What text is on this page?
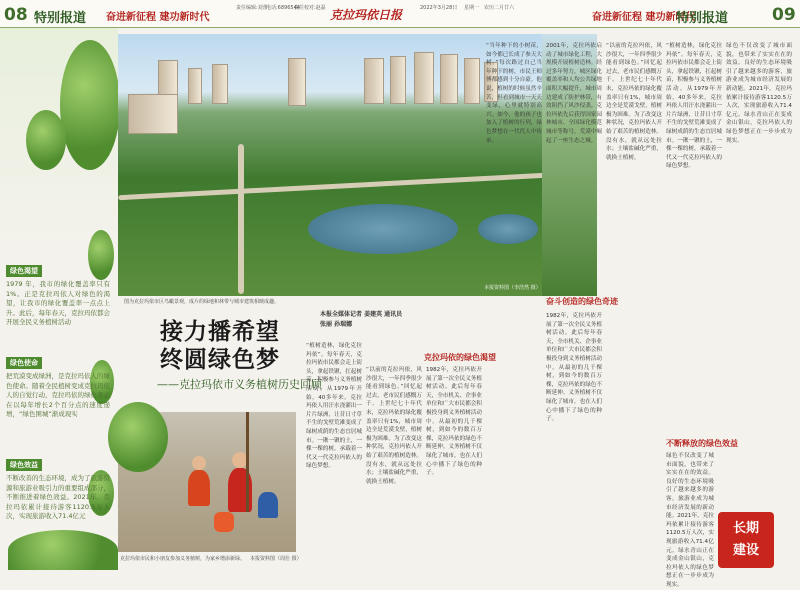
08 特别报道 奋进新征程 建功新时代
责任编辑:刘蕾
电话:6896544
责任校对:赵磊 克拉玛依日报	2022年3月28日 星期一 农历二月廿六
奋进新征程 建功新时代
特别报道	09
绿色渴望
1979 年，我市的绿化覆盖率只有1%。正是克拉玛依人对绿色的渴望，让我市的绿化覆盖率一点点上升。此后，每年春天，克拉玛依都会开展全民义务植树活动
绿色使命
把荒漠变成绿洲，是克拉玛依人的绿色使命。随着全民植树变成克拉玛依人的自觉行动，克拉玛依的绿化率正在以每年增长2个百分点的速度递增，“绿色围城”渐成现实
绿色效益
不断改善的生态环境，成为了旅游资源和旅游业吸引力的重要组成部分，不断推进着绿色效益。2021年，克拉玛依累计接待游客1120.5万人次，实现旅游收入71.4亿元
图为克拉玛依市区鸟瞰景观，成片的绿地和林带与城市建筑相映成趣。
本报资料图（李浩然 摄）
本报全媒体记者 姜建英 通讯员 张丽 孙瑞娜
接力播希望
终圆绿色梦
——克拉玛依市义务植树历史回顾
克拉玛依市民和小朋友参加义务植树，为家乡增添新绿。 本报资料图（周仕 摄）
“植树造林，绿化克拉玛依”。每年春天，克拉玛依市民都会走上街头，拿起铁锹，扛起树苗，积极参与义务植树活动。从1979年开始，40多年来，克拉玛依人用汗水浇灌出一片片绿洲，让昔日寸草不生的戈壁荒滩变成了绿树成荫的生态宜居城市。一锹一锹的土，一棵一棵的树，承载着一代又一代克拉玛依人的绿色梦想。
克拉玛依的绿色渴望
“以前的克拉玛依，风沙很大，一年四季很少能看到绿色。”回忆起过去，老市民们感慨万千。上世纪七十年代末，克拉玛依的绿化覆盖率只有1%，城市周边全是荒漠戈壁，植树极为困难。为了改变这种状况，克拉玛依人开始了艰苦的植树造林。没有水，就从远处拉水；土壤盐碱化严重，就换土植树。
1982年，克拉玛依开展了第一次全民义务植树活动。此后每年春天，全市机关、企事业单位和广大市民都会积极投身到义务植树活动中。从最初的几千棵树，到如今的数百万棵，克拉玛依的绿色不断延伸。义务植树不仅绿化了城市，也在人们心中播下了绿色的种子。
“当年种下的小树苗，如今都已长成了参天大树。”每次路过自己当年种下的树，市民王师傅都感到十分自豪。他说，植树的时候虽然辛苦，但看到城市一天天变绿，心里就特别高兴。如今，他的孩子也加入了植树的行列，绿色梦想在一代代人中传承。
奋斗创造的绿色奇迹
2001年，克拉玛依启动了城市绿化工程，大规模开展植树造林。经过多年努力，城区绿化覆盖率和人均公共绿地面积大幅提升，城市周边建成了防护林带，有效阻挡了风沙侵袭。克拉玛依先后获得国家园林城市、全国绿化模范城市等称号，荒漠中崛起了一座生态之城。
1982年，克拉玛依开展了第一次全民义务植树活动。此后每年春天，全市机关、企事业单位和广大市民都会积极投身到义务植树活动中。从最初的几千棵树，到如今的数百万棵，克拉玛依的绿色不断延伸。义务植树不仅绿化了城市，也在人们心中播下了绿色的种子。
“以前的克拉玛依，风沙很大，一年四季很少能看到绿色。”回忆起过去，老市民们感慨万千。上世纪七十年代末，克拉玛依的绿化覆盖率只有1%，城市周边全是荒漠戈壁，植树极为困难。为了改变这种状况，克拉玛依人开始了艰苦的植树造林。没有水，就从远处拉水；土壤盐碱化严重，就换土植树。
不断释放的绿色效益
“植树造林，绿化克拉玛依”。每年春天，克拉玛依市民都会走上街头，拿起铁锹，扛起树苗，积极参与义务植树活动。从1979年开始，40多年来，克拉玛依人用汗水浇灌出一片片绿洲，让昔日寸草不生的戈壁荒滩变成了绿树成荫的生态宜居城市。一锹一锹的土，一棵一棵的树，承载着一代又一代克拉玛依人的绿色梦想。
绿色不仅改变了城市面貌，也带来了实实在在的效益。良好的生态环境吸引了越来越多的游客，旅游业成为城市经济发展的新动能。2021年，克拉玛依累计接待游客1120.5万人次，实现旅游收入71.4亿元。绿水青山正在变成金山银山，克拉玛依人的绿色梦想正在一步步成为现实。
绿色不仅改变了城市面貌，也带来了实实在在的效益。良好的生态环境吸引了越来越多的游客，旅游业成为城市经济发展的新动能。2021年，克拉玛依累计接待游客1120.5万人次，实现旅游收入71.4亿元。绿水青山正在变成金山银山，克拉玛依人的绿色梦想正在一步步成为现实。
长期
建设
